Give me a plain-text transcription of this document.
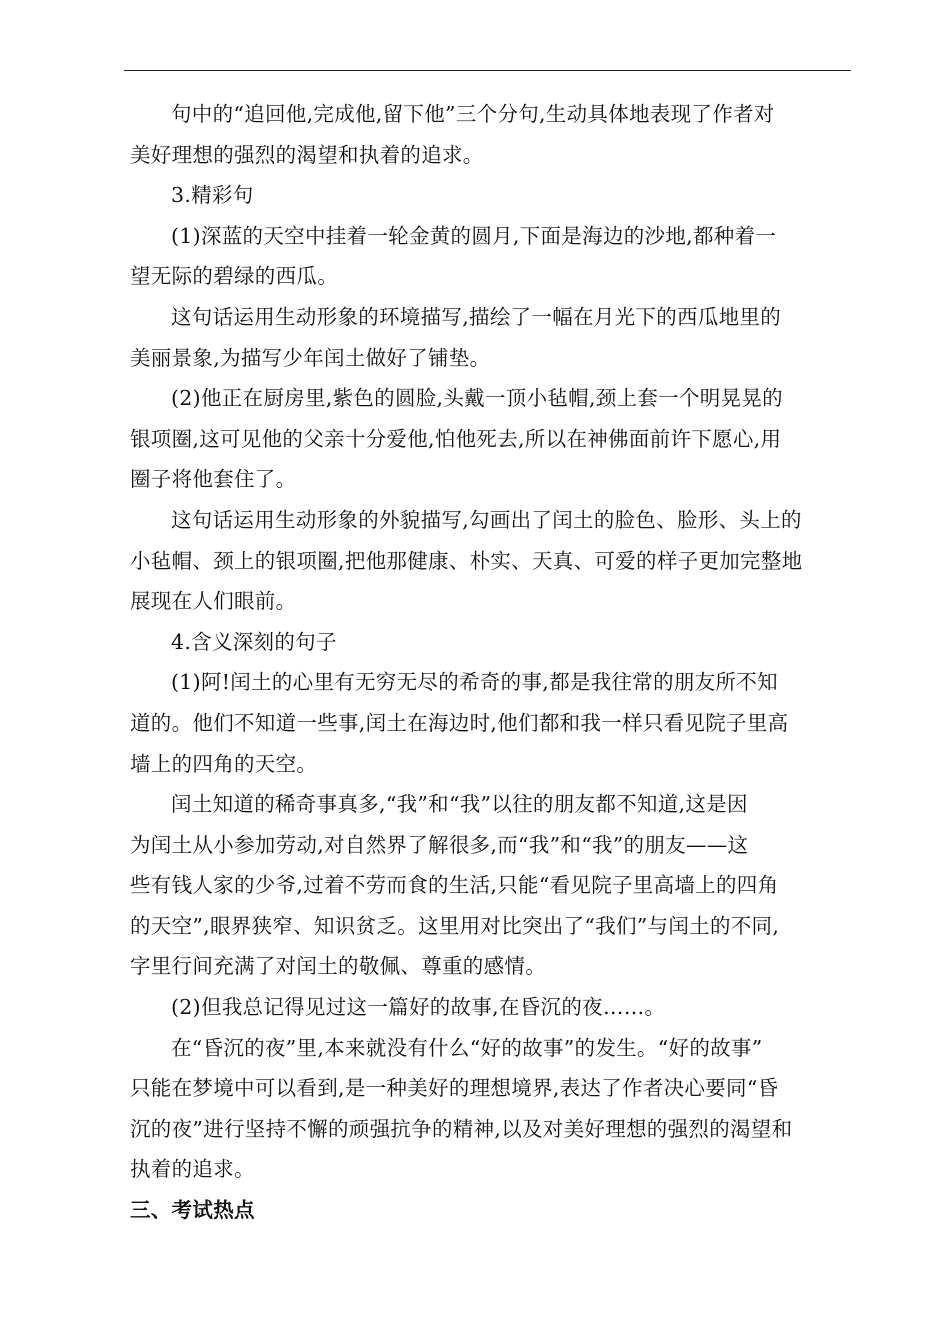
句中的“追回他,完成他,留下他”三个分句,生动具体地表现了作者对

美好理想的强烈的渴望和执着的追求。

3.精彩句

(1)深蓝的天空中挂着一轮金黄的圆月,下面是海边的沙地,都种着一

望无际的碧绿的西瓜。

这句话运用生动形象的环境描写,描绘了一幅在月光下的西瓜地里的

美丽景象,为描写少年闰土做好了铺垫。

(2)他正在厨房里,紫色的圆脸,头戴一顶小毡帽,颈上套一个明晃晃的

银项圈,这可见他的父亲十分爱他,怕他死去,所以在神佛面前许下愿心,用

圈子将他套住了。

这句话运用生动形象的外貌描写,勾画出了闰土的脸色、脸形、头上的

小毡帽、颈上的银项圈,把他那健康、朴实、天真、可爱的样子更加完整地

展现在人们眼前。

4.含义深刻的句子

(1)阿!闰土的心里有无穷无尽的希奇的事,都是我往常的朋友所不知

道的。他们不知道一些事,闰土在海边时,他们都和我一样只看见院子里高

墙上的四角的天空。

闰土知道的稀奇事真多,“我”和“我”以往的朋友都不知道,这是因

为闰土从小参加劳动,对自然界了解很多,而“我”和“我”的朋友——这

些有钱人家的少爷,过着不劳而食的生活,只能“看见院子里高墙上的四角

的天空”,眼界狭窄、知识贫乏。这里用对比突出了“我们”与闰土的不同,

字里行间充满了对闰土的敬佩、尊重的感情。

(2)但我总记得见过这一篇好的故事,在昏沉的夜……。

在“昏沉的夜”里,本来就没有什么“好的故事”的发生。“好的故事”

只能在梦境中可以看到,是一种美好的理想境界,表达了作者决心要同“昏

沉的夜”进行坚持不懈的顽强抗争的精神,以及对美好理想的强烈的渴望和

执着的追求。

三、考试热点
